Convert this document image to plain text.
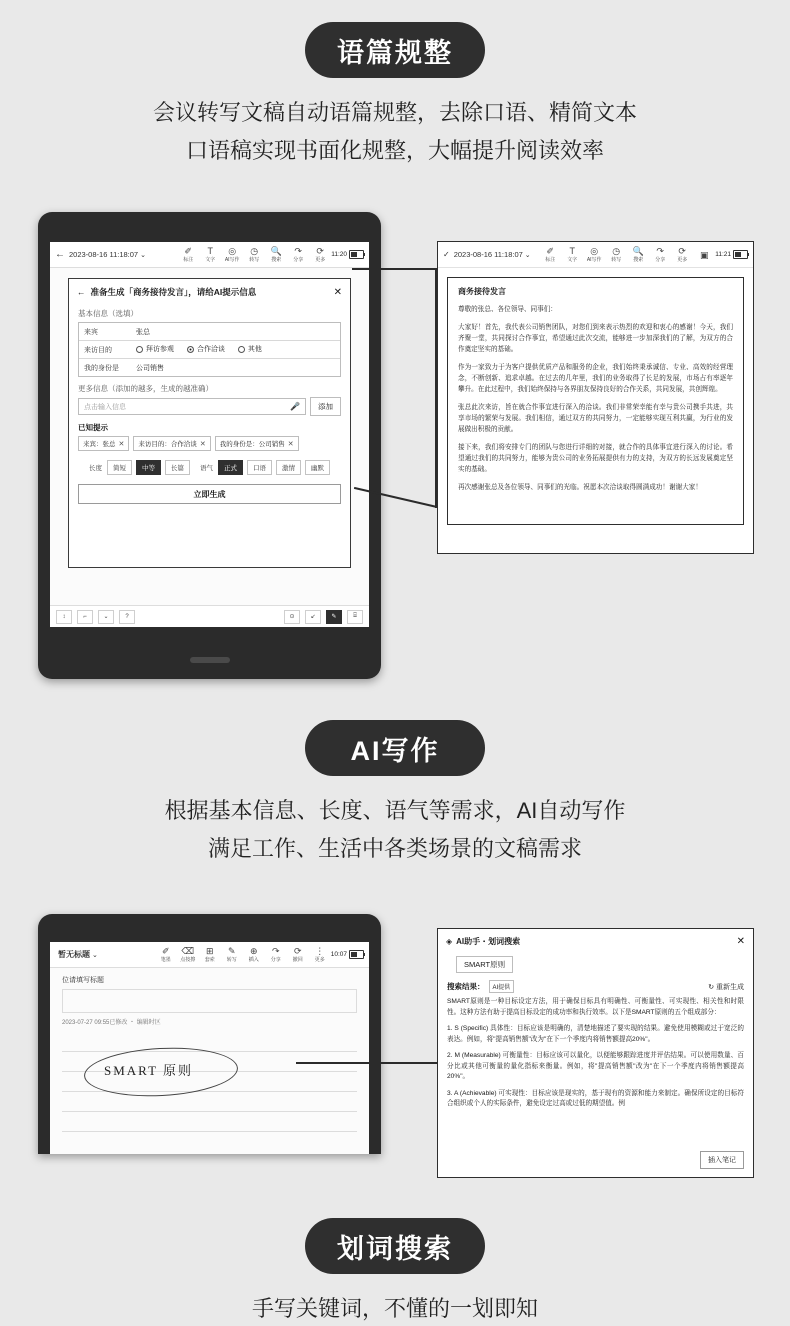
语篇规整
会议转写文稿自动语篇规整，去除口语、精简文本
口语稿实现书面化规整，大幅提升阅读效率
← 2023-08-16 11:18:07 ⌄	✐
标注
T
文字
◎
AI写作
◷
转写
🔍
搜索
↷
分享
⟳
更多
11:20
← 准备生成「商务接待发言」，请给AI提示信息	✕
基本信息（选填）
来宾	张总
来访目的	拜访参观
	合作洽谈
	其他
我的身份是	公司销售
更多信息（添加的越多，生成的越准确）
点击输入信息	🎤	添加
已知提示
来宾：张总 ✕ 来访目的：合作洽谈 ✕ 我的身份是：公司销售 ✕
长度	简短	中等	长篇	语气	正式	口语	激情	幽默
立即生成
↕	⌐	⌄	?	⊙	↙	✎	⌸
✓ 2023-08-16 11:18:07 ⌄ ✐
标注
T
文字
◎
AI写作
◷
转写
🔍
搜索
↷
分享
⟳
更多
▣ 11:21
商务接待发言
尊敬的张总、各位领导、同事们：
大家好！首先，我代表公司销售团队，对您们到来表示热烈的欢迎和衷心的感谢！今天，我们齐聚一堂，共同探讨合作事宜，希望通过此次交流，能够进一步加深我们的了解，为双方的合作奠定坚实的基础。
作为一家致力于为客户提供优质产品和服务的企业，我们始终秉承诚信、专业、高效的经营理念，不断创新、追求卓越。在过去的几年里，我们的业务取得了长足的发展，市场占有率逐年攀升。在此过程中，我们始终保持与各界朋友保持良好的合作关系，共同发展，共创辉煌。
张总此次来访，旨在就合作事宜进行深入的洽谈。我们非常荣幸能有幸与贵公司携手共进，共享市场的繁荣与发展。我们相信，通过双方的共同努力，一定能够实现互利共赢，为行业的发展做出积极的贡献。
接下来，我们将安排专门的团队与您进行详细的对接，就合作的具体事宜进行深入的讨论。希望通过我们的共同努力，能够为贵公司的业务拓展提供有力的支持，为双方的长远发展奠定坚实的基础。
再次感谢张总及各位领导、同事们的光临。祝愿本次洽谈取得圆满成功！谢谢大家！
AI写作
根据基本信息、长度、语气等需求，AI自动写作
满足工作、生活中各类场景的文稿需求
暂无标题 ⌄	✐
笔墨
⌫
点按擦
⊞
套索
✎
转写
⊕
插入
↷
分享
⟳
撤回
⋮
更多
10:07
位请填写标题
2023-07-27 09:55已修改 ・ 编辑时区
SMART 原则
◈ AI助手・划词搜索	✕
SMART原则
搜索结果：	AI提供	↻ 重新生成
SMART原则是一种目标设定方法，用于确保目标具有明确性、可衡量性、可实现性、相关性和时限性。这种方法有助于提高目标设定的成功率和执行效率。以下是SMART原则的五个组成部分：
1. S (Specific) 具体性：目标应该是明确的，清楚地描述了要实现的结果。避免使用模糊或过于宽泛的表达。例如，将"提高销售额"改为"在下一个季度内将销售额提高20%"。
2. M (Measurable) 可衡量性：目标应该可以量化，以便能够跟踪进度并评估结果。可以使用数量、百分比或其他可衡量的量化指标来衡量。例如，将"提高销售额"改为"在下一个季度内将销售额提高20%"。
3. A (Achievable) 可实现性：目标应该是现实的，基于现有的资源和能力来制定。确保所设定的目标符合组织或个人的实际条件，避免设定过高或过低的期望值。例
插入笔记
划词搜索
手写关键词，不懂的一划即知
